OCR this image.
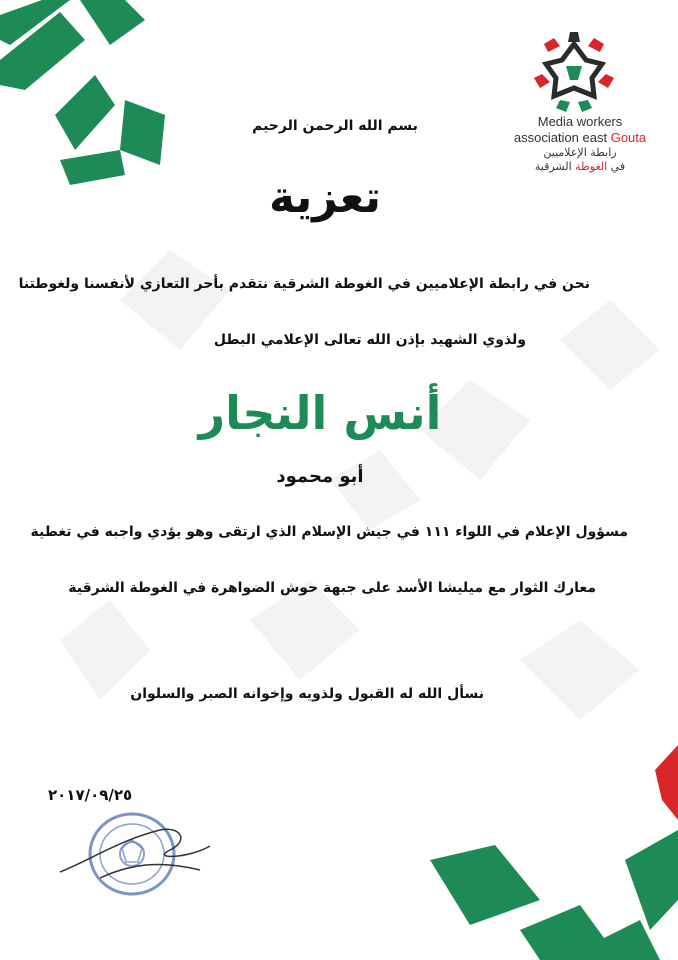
Media workers
association east Gouta
رابطة الإعلاميين
في الغوطة الشرقية
بسم الله الرحمن الرحيم
تعزية
نحن في رابطة الإعلاميين في الغوطة الشرقية نتقدم بأحر التعازي لأنفسنا ولغوطتنا
ولذوي الشهيد بإذن الله تعالى الإعلامي البطل
أنس النجار
أبو محمود
مسؤول الإعلام في اللواء ١١١ في جيش الإسلام الذي ارتقى وهو يؤدي واجبه في تغطية
معارك الثوار مع ميليشا الأسد على جبهة حوش الضواهرة في الغوطة الشرقية
نسأل الله له القبول ولذويه وإخوانه الصبر والسلوان
٢٠١٧/٠٩/٢٥
